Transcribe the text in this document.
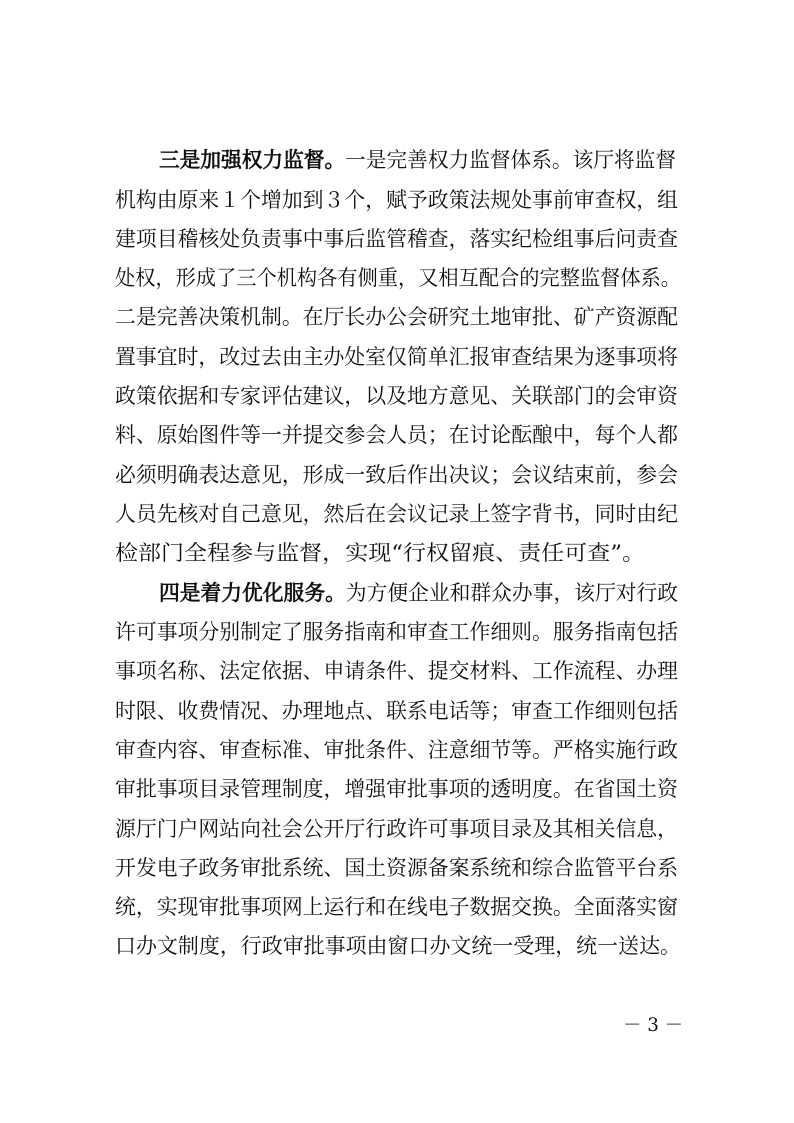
三是加强权力监督。一是完善权力监督体系。该厅将监督
机构由原来１个增加到３个，赋予政策法规处事前审查权，组
建项目稽核处负责事中事后监管稽查，落实纪检组事后问责查
处权，形成了三个机构各有侧重，又相互配合的完整监督体系。
二是完善决策机制。在厅长办公会研究土地审批、矿产资源配
置事宜时，改过去由主办处室仅简单汇报审查结果为逐事项将
政策依据和专家评估建议，以及地方意见、关联部门的会审资
料、原始图件等一并提交参会人员；在讨论酝酿中，每个人都
必须明确表达意见，形成一致后作出决议；会议结束前，参会
人员先核对自己意见，然后在会议记录上签字背书，同时由纪
检部门全程参与监督，实现“行权留痕、责任可查”。
四是着力优化服务。为方便企业和群众办事，该厅对行政
许可事项分别制定了服务指南和审查工作细则。服务指南包括
事项名称、法定依据、申请条件、提交材料、工作流程、办理
时限、收费情况、办理地点、联系电话等；审查工作细则包括
审查内容、审查标准、审批条件、注意细节等。严格实施行政
审批事项目录管理制度，增强审批事项的透明度。在省国土资
源厅门户网站向社会公开厅行政许可事项目录及其相关信息，
开发电子政务审批系统、国土资源备案系统和综合监管平台系
统，实现审批事项网上运行和在线电子数据交换。全面落实窗
口办文制度，行政审批事项由窗口办文统一受理，统一送达。
－ 3 －
